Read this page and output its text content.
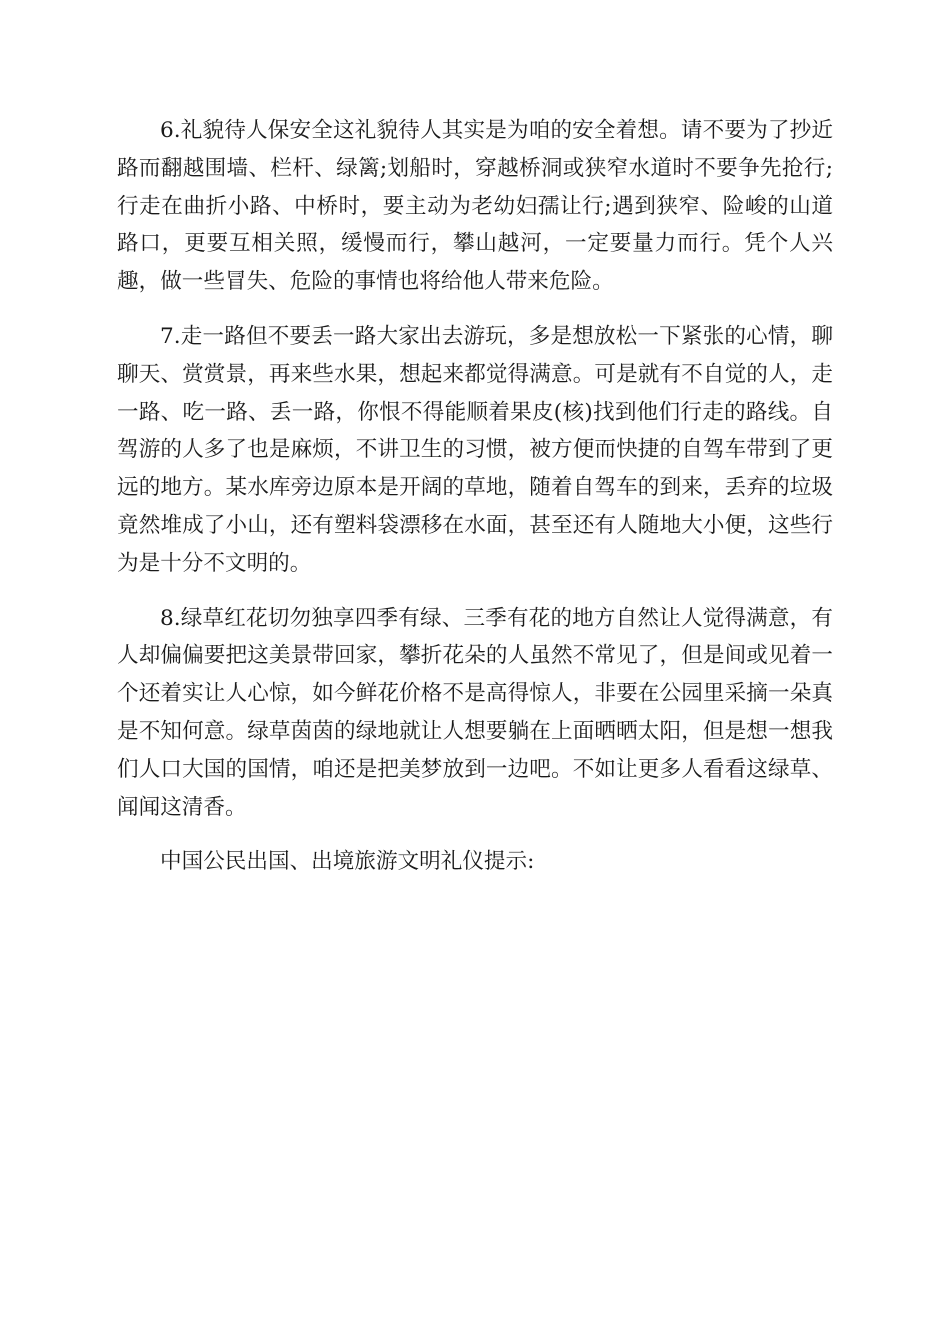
6.礼貌待人保安全这礼貌待人其实是为咱的安全着想。请不要为了抄近路而翻越围墙、栏杆、绿篱;划船时，穿越桥洞或狭窄水道时不要争先抢行;行走在曲折小路、中桥时，要主动为老幼妇孺让行;遇到狭窄、险峻的山道路口，更要互相关照，缓慢而行，攀山越河，一定要量力而行。凭个人兴趣，做一些冒失、危险的事情也将给他人带来危险。

7.走一路但不要丢一路大家出去游玩，多是想放松一下紧张的心情，聊聊天、赏赏景，再来些水果，想起来都觉得满意。可是就有不自觉的人，走一路、吃一路、丢一路，你恨不得能顺着果皮(核)找到他们行走的路线。自驾游的人多了也是麻烦，不讲卫生的习惯，被方便而快捷的自驾车带到了更远的地方。某水库旁边原本是开阔的草地，随着自驾车的到来，丢弃的垃圾竟然堆成了小山，还有塑料袋漂移在水面，甚至还有人随地大小便，这些行为是十分不文明的。

8.绿草红花切勿独享四季有绿、三季有花的地方自然让人觉得满意，有人却偏偏要把这美景带回家，攀折花朵的人虽然不常见了，但是间或见着一个还着实让人心惊，如今鲜花价格不是高得惊人，非要在公园里采摘一朵真是不知何意。绿草茵茵的绿地就让人想要躺在上面晒晒太阳，但是想一想我们人口大国的国情，咱还是把美梦放到一边吧。不如让更多人看看这绿草、闻闻这清香。

中国公民出国、出境旅游文明礼仪提示:
